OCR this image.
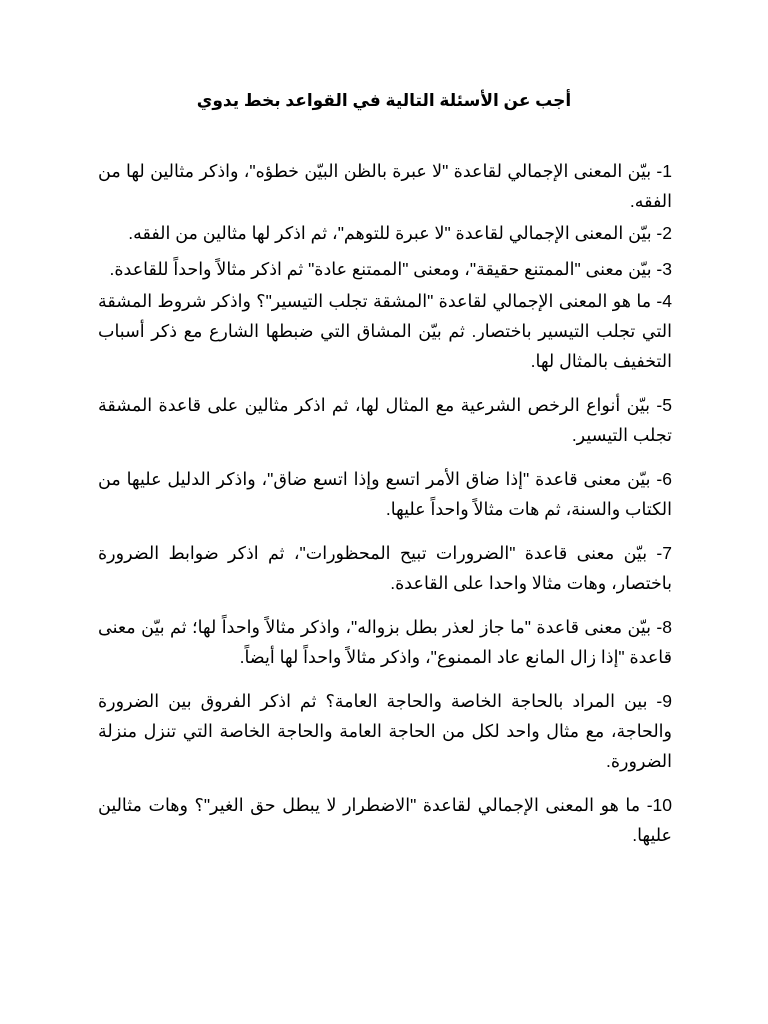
أجب عن الأسئلة التالية في القواعد بخط يدوي
1- بيّن المعنى الإجمالي لقاعدة "لا عبرة بالظن البيّن خطؤه"، واذكر مثالين لها من الفقه.
2- بيّن المعنى الإجمالي لقاعدة "لا عبرة للتوهم"، ثم اذكر لها مثالين من الفقه.
3- بيّن معنى "الممتنع حقيقة"، ومعنى "الممتنع عادة" ثم اذكر مثالاً واحداً للقاعدة.
4- ما هو المعنى الإجمالي لقاعدة "المشقة تجلب التيسير"؟ واذكر شروط المشقة التي تجلب التيسير باختصار. ثم بيّن المشاق التي ضبطها الشارع مع ذكر أسباب التخفيف بالمثال لها.
5- بيّن أنواع الرخص الشرعية مع المثال لها، ثم اذكر مثالين على قاعدة المشقة تجلب التيسير.
6- بيّن معنى قاعدة "إذا ضاق الأمر اتسع وإذا اتسع ضاق"، واذكر الدليل عليها من الكتاب والسنة، ثم هات مثالاً واحداً عليها.
7- بيّن معنى قاعدة "الضرورات تبيح المحظورات"، ثم اذكر ضوابط الضرورة باختصار، وهات مثالا واحدا على القاعدة.
8- بيّن معنى قاعدة "ما جاز لعذر بطل بزواله"، واذكر مثالاً واحداً لها؛ ثم بيّن معنى قاعدة "إذا زال المانع عاد الممنوع"، واذكر مثالاً واحداً لها أيضاً.
9- بين المراد بالحاجة الخاصة والحاجة العامة؟ ثم اذكر الفروق بين الضرورة والحاجة، مع مثال واحد لكل من الحاجة العامة والحاجة الخاصة التي تنزل منزلة الضرورة.
10- ما هو المعنى الإجمالي لقاعدة "الاضطرار لا يبطل حق الغير"؟ وهات مثالين عليها.
